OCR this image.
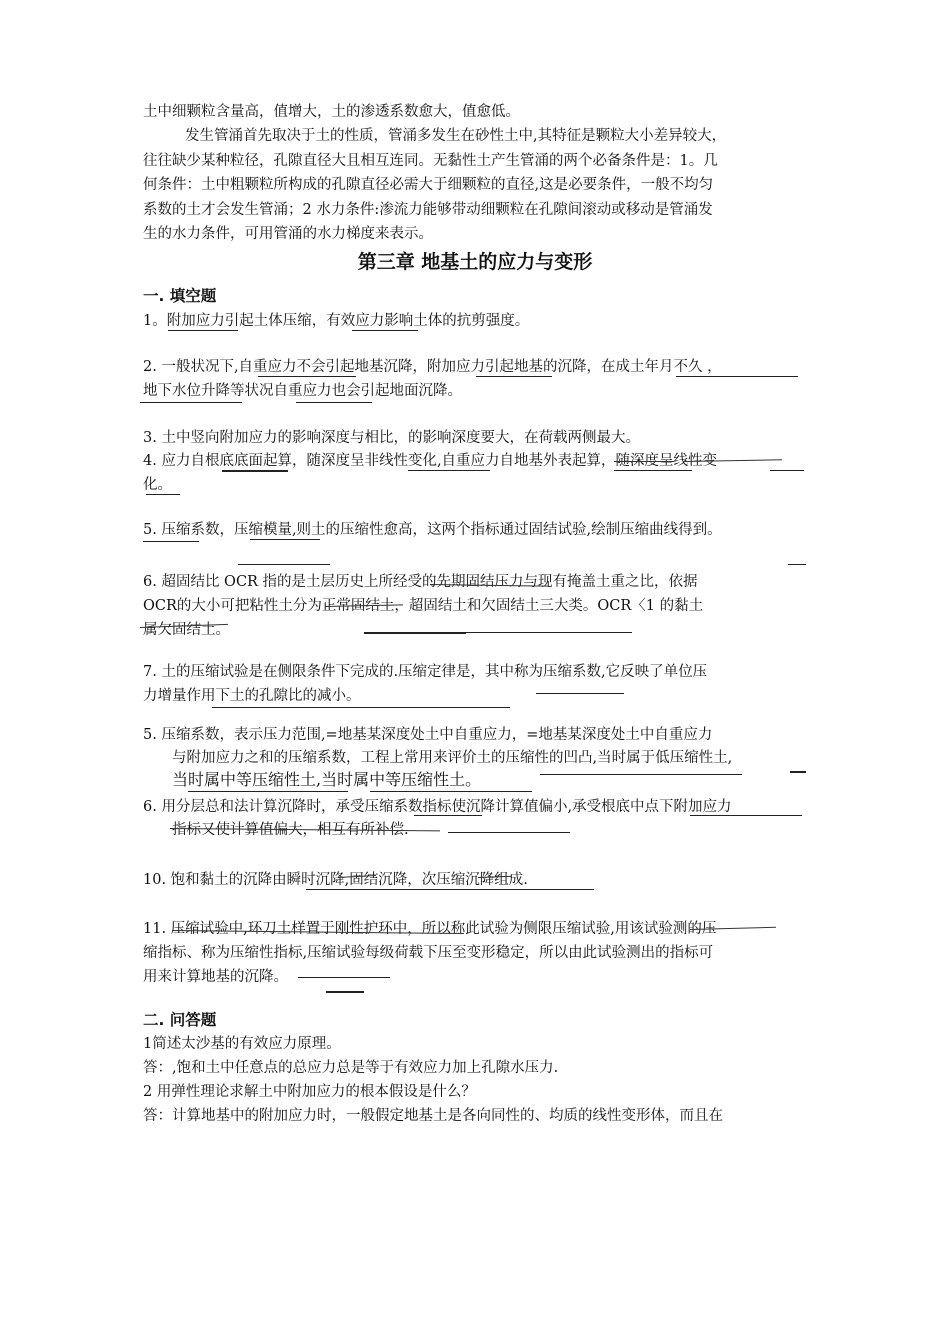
土中细颗粒含量高，值增大，土的渗透系数愈大，值愈低。
发生管涌首先取决于土的性质，管涌多发生在砂性土中,其特征是颗粒大小差异较大，
往往缺少某种粒径，孔隙直径大且相互连同。无黏性土产生管涌的两个必备条件是：1。几
何条件：土中粗颗粒所构成的孔隙直径必需大于细颗粒的直径,这是必要条件，一般不均匀
系数的土才会发生管涌；2 水力条件:渗流力能够带动细颗粒在孔隙间滚动或移动是管涌发
生的水力条件，可用管涌的水力梯度来表示。
第三章 地基土的应力与变形
一. 填空题
1。附加应力引起土体压缩，有效应力影响土体的抗剪强度。
2. 一般状况下,自重应力不会引起地基沉降，附加应力引起地基的沉降，在成土年月不久 ，
地下水位升降等状况自重应力也会引起地面沉降。
3. 土中竖向附加应力的影响深度与相比，的影响深度要大，在荷载两侧最大。
4. 应力自根底底面起算，随深度呈非线性变化,自重应力自地基外表起算，随深度呈线性变
化。
5. 压缩系数，压缩模量,则土的压缩性愈高，这两个指标通过固结试验,绘制压缩曲线得到。
6. 超固结比 OCR 指的是土层历史上所经受的先期固结压力与现有掩盖土重之比，依据
OCR的大小可把粘性土分为正常固结土，超固结土和欠固结土三大类。OCR〈1 的黏土
属欠固结土。
7. 土的压缩试验是在侧限条件下完成的.压缩定律是，其中称为压缩系数,它反映了单位压
力增量作用下土的孔隙比的减小。
5. 压缩系数，表示压力范围,=地基某深度处土中自重应力，=地基某深度处土中自重应力
与附加应力之和的压缩系数，工程上常用来评价土的压缩性的凹凸,当时属于低压缩性土,
当时属中等压缩性土,当时属中等压缩性土。
6. 用分层总和法计算沉降时，承受压缩系数指标使沉降计算值偏小,承受根底中点下附加应力
指标又使计算值偏大，相互有所补偿.
10. 饱和黏土的沉降由瞬时沉降,固结沉降，次压缩沉降组成.
11. 压缩试验中,环刀土样置于刚性护环中，所以称此试验为侧限压缩试验,用该试验测的压
缩指标、称为压缩性指标,压缩试验每级荷载下压至变形稳定，所以由此试验测出的指标可
用来计算地基的沉降。
二. 问答题
1简述太沙基的有效应力原理。
答：,饱和土中任意点的总应力总是等于有效应力加上孔隙水压力.
2 用弹性理论求解土中附加应力的根本假设是什么？
答：计算地基中的附加应力时，一般假定地基土是各向同性的、均质的线性变形体，而且在
